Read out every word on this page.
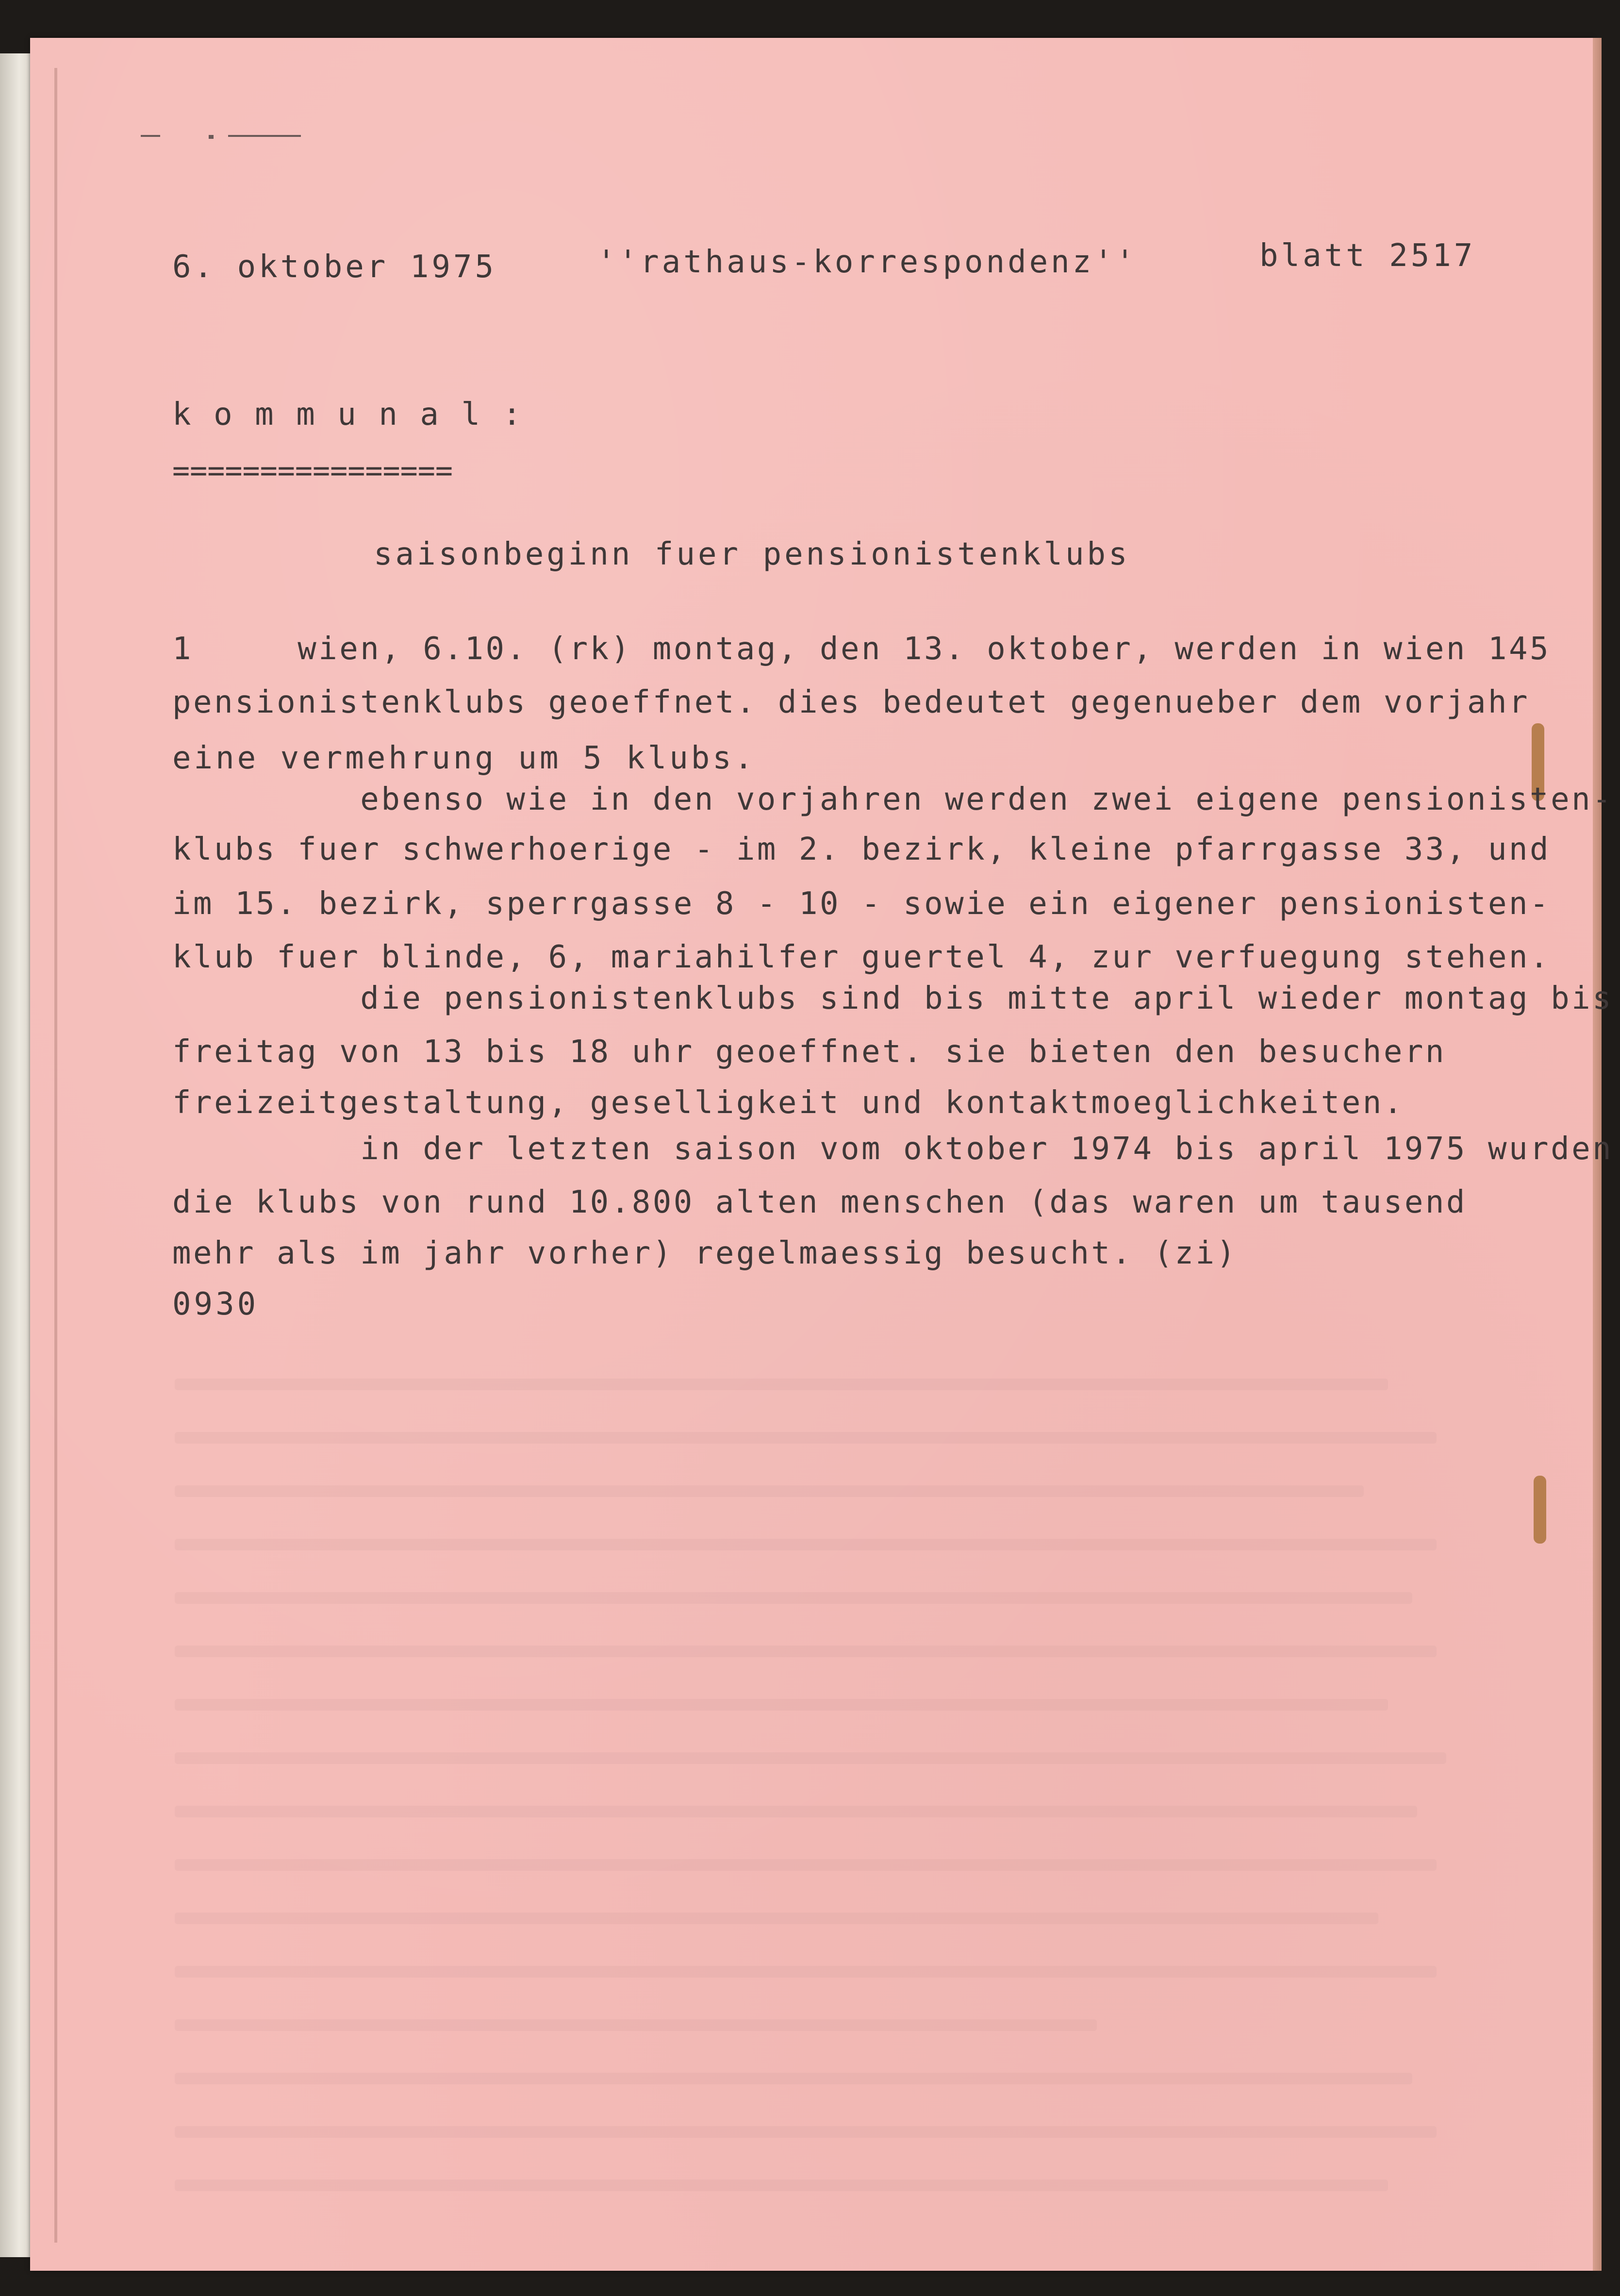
6. oktober 1975	''rathaus-korrespondenz''	blatt 2517
k o m m u n a l :
================
saisonbeginn fuer pensionistenklubs
1     wien, 6.10. (rk) montag, den 13. oktober, werden in wien 145
pensionistenklubs geoeffnet. dies bedeutet gegenueber dem vorjahr
eine vermehrung um 5 klubs.
ebenso wie in den vorjahren werden zwei eigene pensionisten-
klubs fuer schwerhoerige - im 2. bezirk, kleine pfarrgasse 33, und
im 15. bezirk, sperrgasse 8 - 10 - sowie ein eigener pensionisten-
klub fuer blinde, 6, mariahilfer guertel 4, zur verfuegung stehen.
die pensionistenklubs sind bis mitte april wieder montag bis
freitag von 13 bis 18 uhr geoeffnet. sie bieten den besuchern
freizeitgestaltung, geselligkeit und kontaktmoeglichkeiten.
in der letzten saison vom oktober 1974 bis april 1975 wurden
die klubs von rund 10.800 alten menschen (das waren um tausend
mehr als im jahr vorher) regelmaessig besucht. (zi)
0930
